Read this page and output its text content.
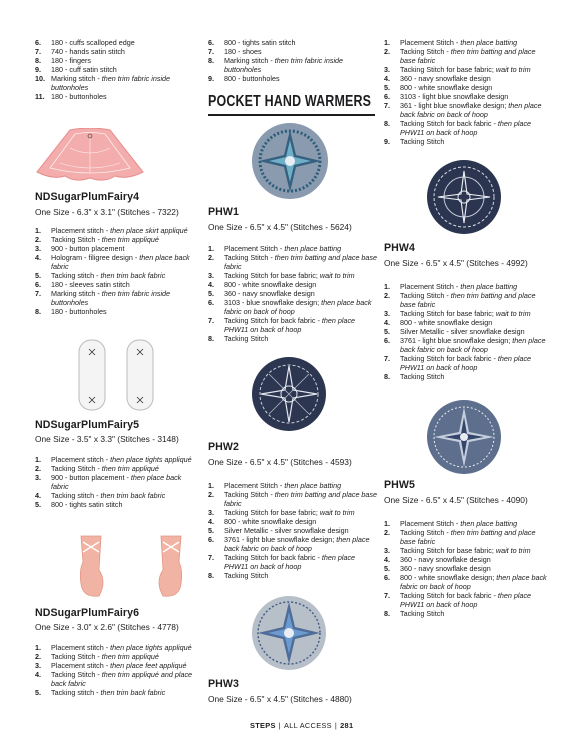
6. 180 - cuffs scalloped edge
7. 740 - hands satin stitch
8. 180 - fingers
9. 180 - cuff satin stitch
10. Marking stitch - then trim fabric inside buttonholes
11. 180 - buttonholes
NDSugarPlumFairy4
One Size - 6.3" x 3.1" (Stitches - 7322)
1. Placement stitch - then place skirt appliqué
2. Tacking Stitch - then trim appliqué
3. 900 - button placement
4. Hologram - filigree design - then place back fabric
5. Tacking stitch - then trim back fabric
6. 180 - sleeves satin stitch
7. Marking stitch - then trim fabric inside buttonholes
8. 180 - buttonholes
NDSugarPlumFairy5
One Size - 3.5" x 3.3" (Stitches - 3148)
1. Placement stitch - then place tights appliqué
2. Tacking Stitch - then trim appliqué
3. 900 - button placement - then place back fabric
4. Tacking stitch - then trim back fabric
5. 800 - tights satin stitch
NDSugarPlumFairy6
One Size - 3.0" x 2.6" (Stitches - 4778)
1. Placement stitch - then place tights appliqué
2. Tacking Stitch - then trim appliqué
3. Placement stitch - then place feet appliqué
4. Tacking Stitch - then trim appliqué and place back fabric
5. Tacking stitch - then trim back fabric
6. 800 - tights satin stitch
7. 180 - shoes
8. Marking stitch - then trim fabric inside buttonholes
9. 800 - buttonholes
POCKET HAND WARMERS
PHW1
One Size - 6.5" x 4.5" (Stitches - 5624)
1. Placement Stitch - then place batting
2. Tacking Stitch - then trim batting and place base fabric
3. Tacking Stitch for base fabric; wait to trim
4. 800 - white snowflake design
5. 360 - navy snowflake design
6. 3103 - blue snowflake design; then place back fabric on back of hoop
7. Tacking Stitch for back fabric - then place PHW11 on back of hoop
8. Tacking Stitch
PHW2
One Size - 6.5" x 4.5" (Stitches - 4593)
1. Placement Stitch - then place batting
2. Tacking Stitch - then trim batting and place base fabric
3. Tacking Stitch for base fabric; wait to trim
4. 800 - white snowflake design
5. Silver Metallic - silver snowflake design
6. 3761 - light blue snowflake design; then place back fabric on back of hoop
7. Tacking Stitch for back fabric - then place PHW11 on back of hoop
8. Tacking Stitch
PHW3
One Size - 6.5" x 4.5" (Stitches - 4880)
1. Placement Stitch - then place batting
2. Tacking Stitch - then trim batting and place base fabric
3. Tacking Stitch for base fabric; wait to trim
4. 360 - navy snowflake design
5. 800 - white snowflake design
6. 3103 - light blue snowflake design
7. 361 - light blue snowflake design; then place back fabric on back of hoop
8. Tacking Stitch for back fabric - then place PHW11 on back of hoop
9. Tacking Stitch
PHW4
One Size - 6.5" x 4.5" (Stitches - 4992)
1. Placement Stitch - then place batting
2. Tacking Stitch - then trim batting and place base fabric
3. Tacking Stitch for base fabric; wait to trim
4. 800 - white snowflake design
5. Silver Metallic - silver snowflake design
6. 3761 - light blue snowflake design; then place back fabric on back of hoop
7. Tacking Stitch for back fabric - then place PHW11 on back of hoop
8. Tacking Stitch
PHW5
One Size - 6.5" x 4.5" (Stitches - 4090)
1. Placement Stitch - then place batting
2. Tacking Stitch - then trim batting and place base fabric
3. Tacking Stitch for base fabric; wait to trim
4. 360 - navy snowflake design
5. 360 - navy snowflake design
6. 800 - white snowflake design; then place back fabric on back of hoop
7. Tacking Stitch for back fabric - then place PHW11 on back of hoop
8. Tacking Stitch
STEPS | ALL ACCESS | 281
